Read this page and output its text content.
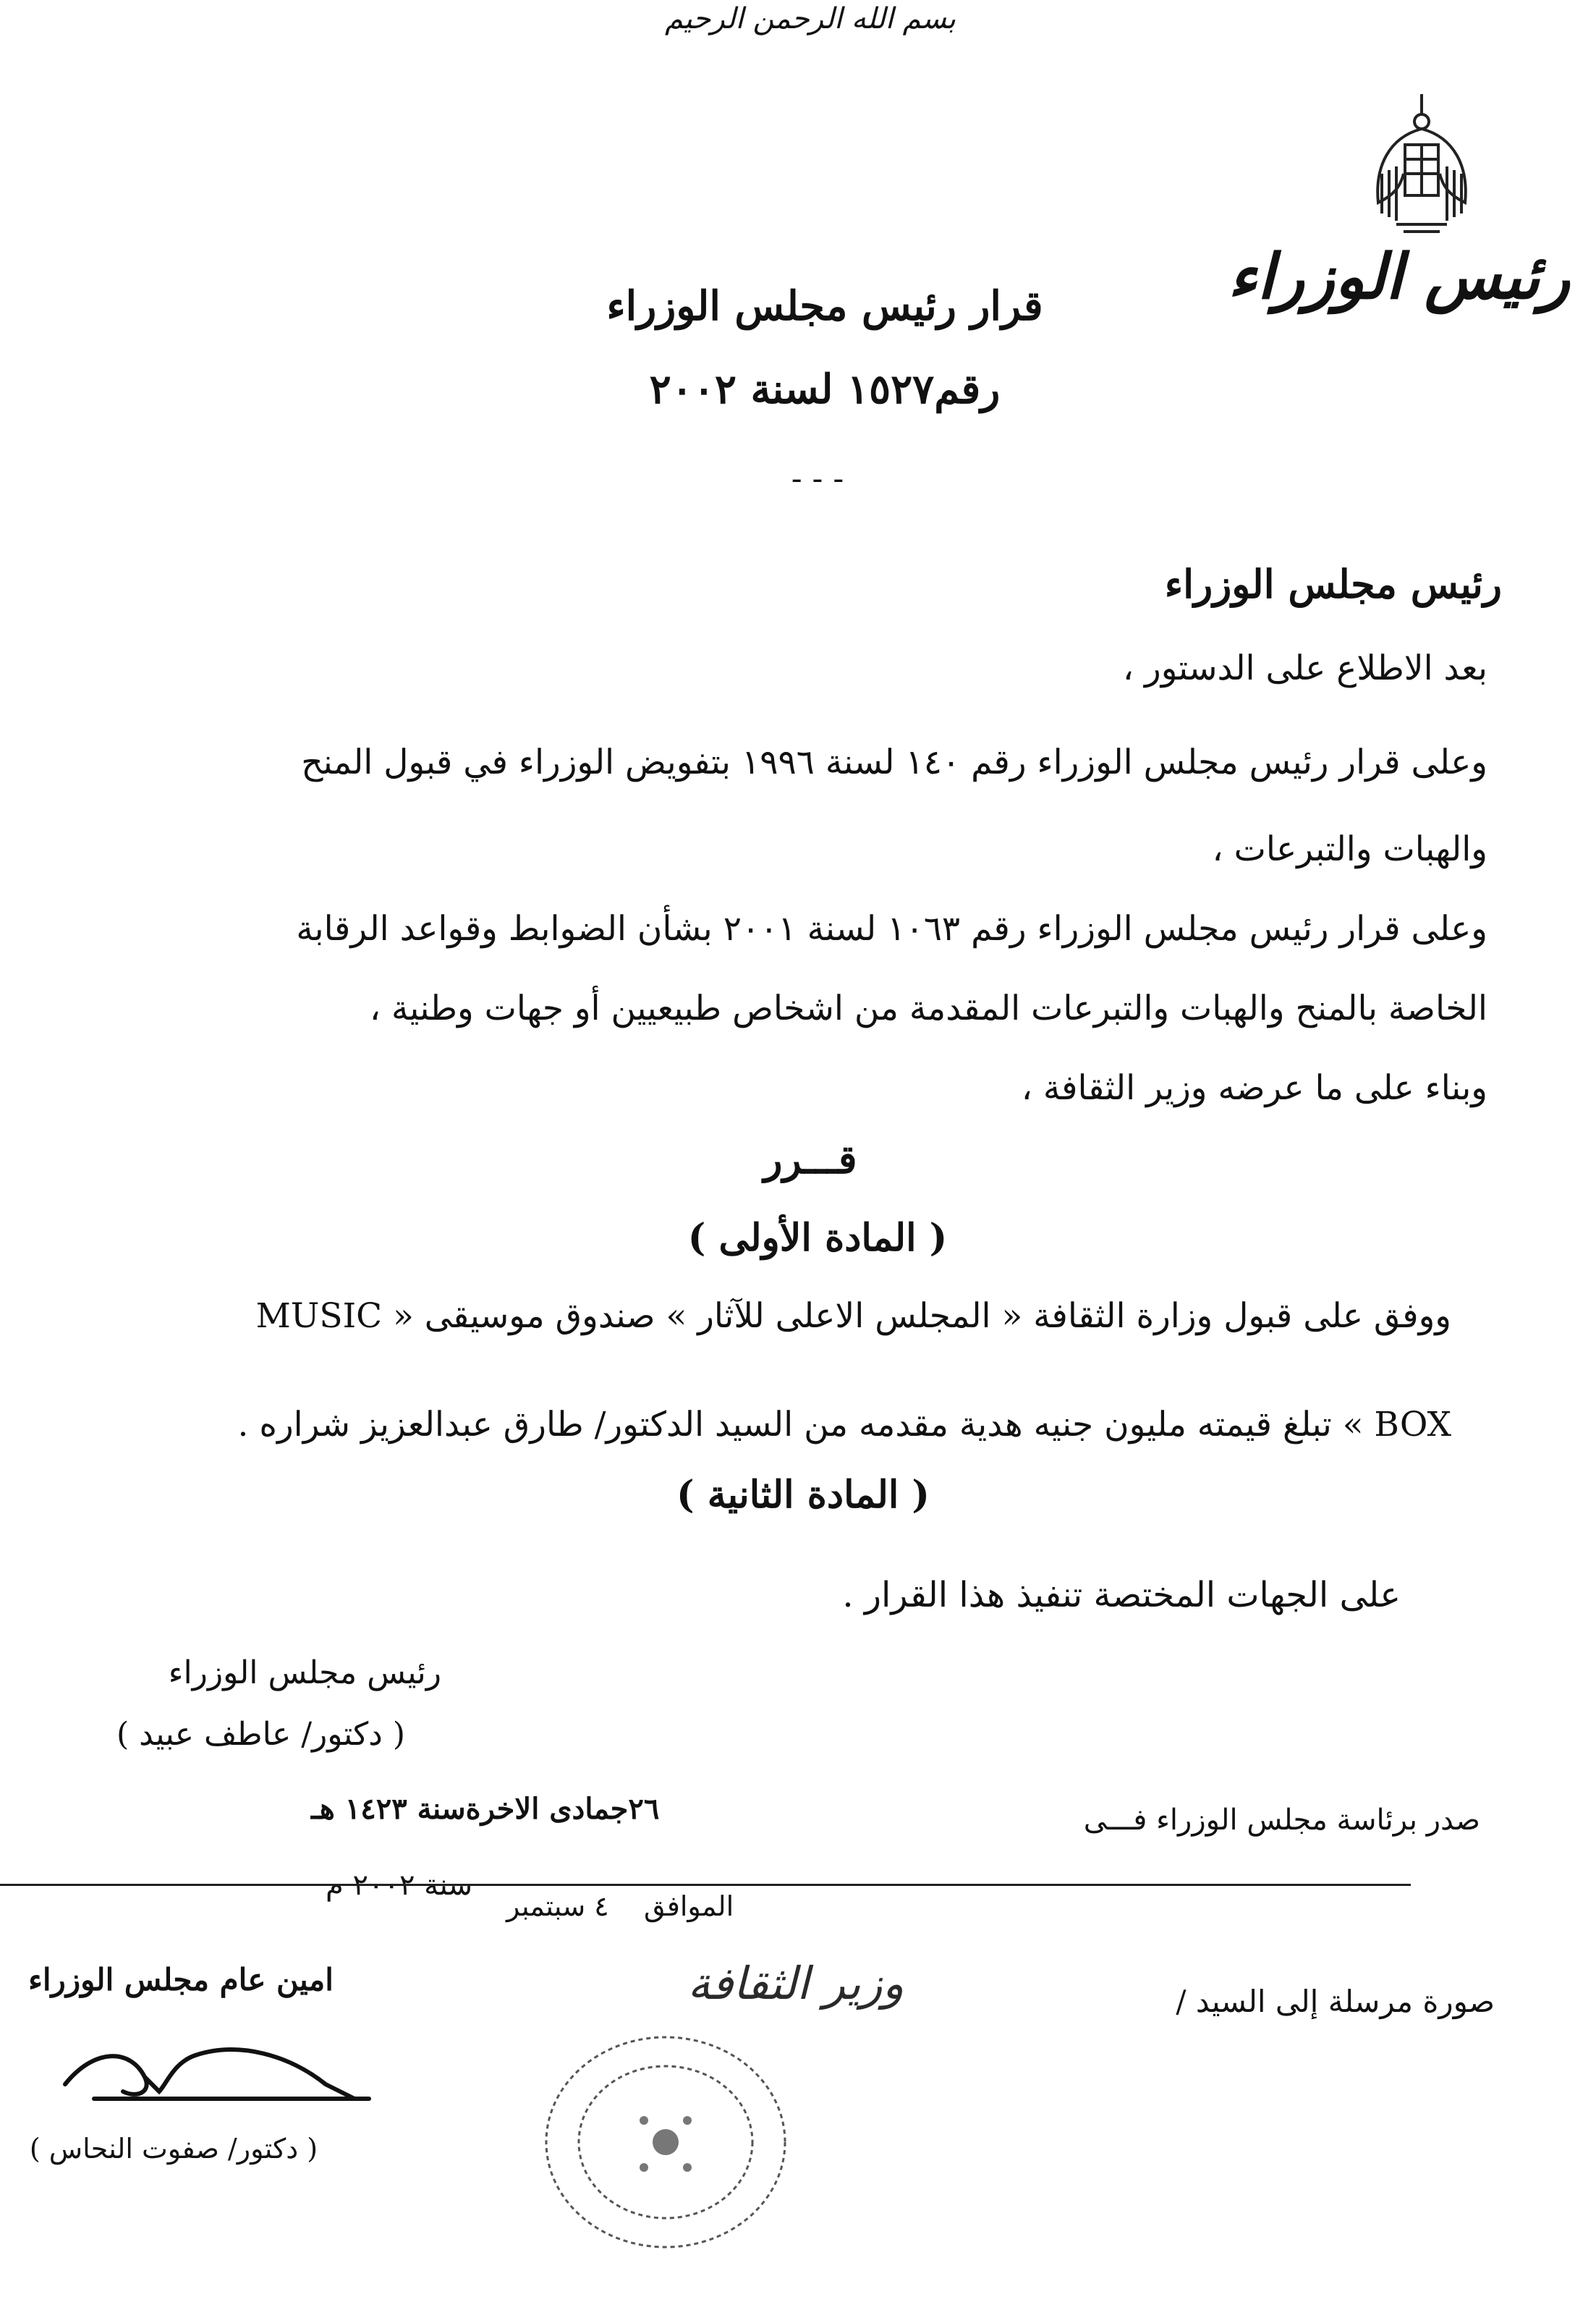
بسم الله الرحمن الرحيم
رئيس الوزراء
قرار رئيس مجلس الوزراء
رقم١٥٢٧ لسنة ٢٠٠٢
- - -
رئيس مجلس الوزراء
بعد الاطلاع على الدستور ،
وعلى قرار رئيس مجلس الوزراء رقم ١٤٠ لسنة ١٩٩٦ بتفويض الوزراء في قبول المنح
والهبات والتبرعات ،
وعلى قرار رئيس مجلس الوزراء رقم ١٠٦٣ لسنة ٢٠٠١ بشأن الضوابط وقواعد الرقابة
الخاصة بالمنح والهبات والتبرعات المقدمة من اشخاص طبيعيين أو جهات وطنية ،
وبناء على ما عرضه وزير الثقافة ،
قـــرر
( المادة الأولى )
ووفق على قبول وزارة الثقافة « المجلس الاعلى للآثار » صندوق موسيقى « MUSIC
BOX » تبلغ قيمته مليون جنيه هدية مقدمه من السيد الدكتور/ طارق عبدالعزيز شراره .
( المادة الثانية )
على الجهات المختصة تنفيذ هذا القرار .
رئيس مجلس الوزراء
( دكتور/ عاطف عبيد )
صدر برئاسة مجلس الوزراء فـــى
٢٦جمادى الاخرةسنة ١٤٢٣ هـ
الموافق
٤ سبتمبر
سنة ٢٠٠٢ م
صورة مرسلة إلى السيد /
وزير الثقافة
امين عام مجلس الوزراء
( دكتور/ صفوت النحاس )
